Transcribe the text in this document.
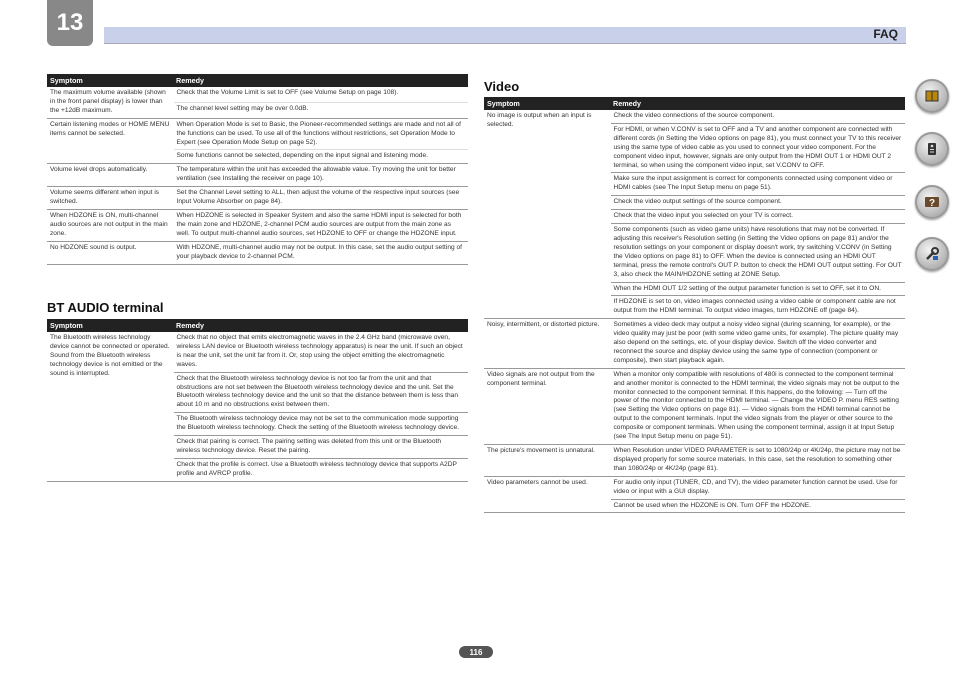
13	FAQ
Symptom	Remedy
The maximum volume available (shown in the front panel display) is lower than the +12dB maximum.	Check that the Volume Limit is set to OFF (see Volume Setup on page 108).
	The channel level setting may be over 0.0dB.
Certain listening modes or HOME MENU items cannot be selected.	When Operation Mode is set to Basic, the Pioneer-recommended settings are made and not all of the functions can be used. To use all of the functions without restrictions, set Operation Mode to Expert (see Operation Mode Setup on page 52).
	Some functions cannot be selected, depending on the input signal and listening mode.
Volume level drops automatically.	The temperature within the unit has exceeded the allowable value. Try moving the unit for better ventilation (see Installing the receiver on page 10).
Volume seems different when input is switched.	Set the Channel Level setting to ALL, then adjust the volume of the respective input sources (see Input Volume Absorber on page 84).
When HDZONE is ON, multi-channel audio sources are not output in the main zone.	When HDZONE is selected in Speaker System and also the same HDMI input is selected for both the main zone and HDZONE, 2-channel PCM audio sources are output from the main zone as well. To output multi-channel audio sources, set HDZONE to OFF or change the HDZONE input.
No HDZONE sound is output.	With HDZONE, multi-channel audio may not be output. In this case, set the audio output setting of your playback device to 2-channel PCM.
BT AUDIO terminal
Symptom	Remedy
The Bluetooth wireless technology device cannot be connected or operated. Sound from the Bluetooth wireless technology device is not emitted or the sound is interrupted.	Check that no object that emits electromagnetic waves in the 2.4 GHz band (microwave oven, wireless LAN device or Bluetooth wireless technology apparatus) is near the unit. If such an object is near the unit, set the unit far from it. Or, stop using the object emitting the electromagnetic waves.
	Check that the Bluetooth wireless technology device is not too far from the unit and that obstructions are not set between the Bluetooth wireless technology device and the unit. Set the Bluetooth wireless technology device and the unit so that the distance between them is less than about 10 m and no obstructions exist between them.
	The Bluetooth wireless technology device may not be set to the communication mode supporting the Bluetooth wireless technology. Check the setting of the Bluetooth wireless technology device.
	Check that pairing is correct. The pairing setting was deleted from this unit or the Bluetooth wireless technology device. Reset the pairing.
	Check that the profile is correct. Use a Bluetooth wireless technology device that supports A2DP profile and AVRCP profile.
Video
Symptom	Remedy
No image is output when an input is selected.	Check the video connections of the source component.
	For HDMI, or when V.CONV is set to OFF and a TV and another component are connected with different cords (in Setting the Video options on page 81), you must connect your TV to this receiver using the same type of video cable as you used to connect your video component. For the component video input, however, signals are only output from the HDMI OUT 1 or HDMI OUT 2 terminal, so when using the component video input, set V.CONV to OFF.
	Make sure the input assignment is correct for components connected using component video or HDMI cables (see The Input Setup menu on page 51).
	Check the video output settings of the source component.
	Check that the video input you selected on your TV is correct.
	Some components (such as video game units) have resolutions that may not be converted. If adjusting this receiver's Resolution setting (in Setting the Video options on page 81) and/or the resolution settings on your component or display doesn't work, try switching V.CONV (in Setting the Video options on page 81) to OFF. When the device is connected using an HDMI OUT terminal, press the remote control's OUT P. button to check the HDMI OUT output setting. For OUT 3, also check the MAIN/HDZONE setting at ZONE Setup.
	When the HDMI OUT 1/2 setting of the output parameter function is set to OFF, set it to ON.
	If HDZONE is set to on, video images connected using a video cable or component cable are not output from the HDMI terminal. To output video images, turn HDZONE off (page 84).
Noisy, intermittent, or distorted picture.	Sometimes a video deck may output a noisy video signal (during scanning, for example), or the video quality may just be poor (with some video game units, for example). The picture quality may also depend on the settings, etc. of your display device. Switch off the video converter and reconnect the source and display device using the same type of connection (component or composite), then start playback again.
Video signals are not output from the component terminal.	When a monitor only compatible with resolutions of 480i is connected to the component terminal and another monitor is connected to the HDMI terminal, the video signals may not be output to the monitor connected to the component terminal. If this happens, do the following: — Turn off the power of the monitor connected to the HDMI terminal. — Change the VIDEO P. menu RES setting (see Setting the Video options on page 81). — Video signals from the HDMI terminal cannot be output to the component terminals. Input the video signals from the player or other source to the composite or component terminals. When using the component terminal, assign it at Input Setup (see The Input Setup menu on page 51).
The picture's movement is unnatural.	When Resolution under VIDEO PARAMETER is set to 1080/24p or 4K/24p, the picture may not be displayed properly for some source materials. In this case, set the resolution to something other than 1080/24p or 4K/24p (page 81).
Video parameters cannot be used.	For audio only input (TUNER, CD, and TV), the video parameter function cannot be used. Use for video or input with a GUI display.
	Cannot be used when the HDZONE is ON. Turn OFF the HDZONE.
?
116
